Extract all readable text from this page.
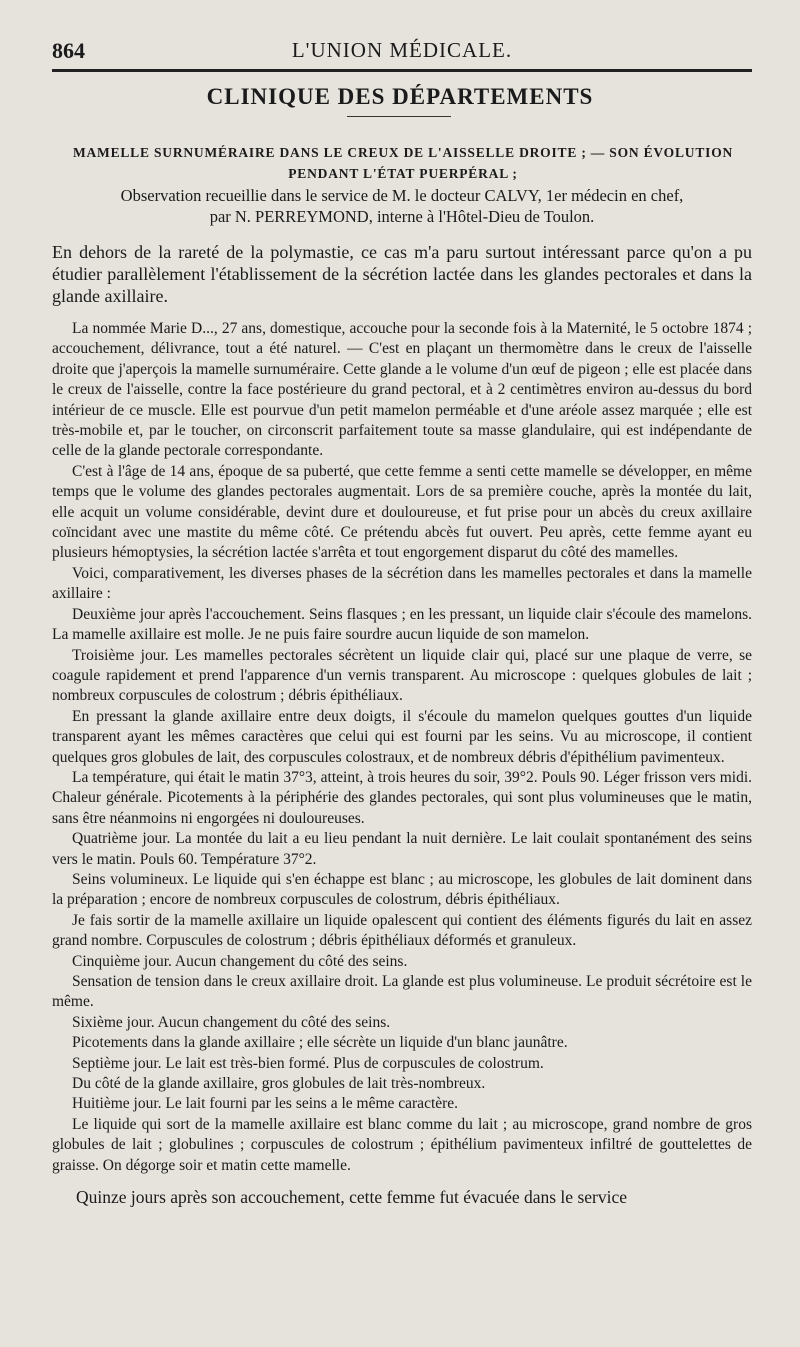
864	L'UNION MÉDICALE.
CLINIQUE DES DÉPARTEMENTS
MAMELLE SURNUMÉRAIRE DANS LE CREUX DE L'AISSELLE DROITE ; — SON ÉVOLUTION
PENDANT L'ÉTAT PUERPÉRAL ;
Observation recueillie dans le service de M. le docteur CALVY, 1er médecin en chef,
par N. PERREYMOND, interne à l'Hôtel-Dieu de Toulon.

En dehors de la rareté de la polymastie, ce cas m'a paru surtout intéressant parce qu'on a pu étudier parallèlement l'établissement de la sécrétion lactée dans les glandes pectorales et dans la glande axillaire.

La nommée Marie D..., 27 ans, domestique, accouche pour la seconde fois à la Maternité, le 5 octobre 1874 ; accouchement, délivrance, tout a été naturel. — C'est en plaçant un thermomètre dans le creux de l'aisselle droite que j'aperçois la mamelle surnuméraire. Cette glande a le volume d'un œuf de pigeon ; elle est placée dans le creux de l'aisselle, contre la face postérieure du grand pectoral, et à 2 centimètres environ au-dessus du bord intérieur de ce muscle. Elle est pourvue d'un petit mamelon perméable et d'une aréole assez marquée ; elle est très-mobile et, par le toucher, on circonscrit parfaitement toute sa masse glandulaire, qui est indépendante de celle de la glande pectorale correspondante.

C'est à l'âge de 14 ans, époque de sa puberté, que cette femme a senti cette mamelle se développer, en même temps que le volume des glandes pectorales augmentait. Lors de sa première couche, après la montée du lait, elle acquit un volume considérable, devint dure et douloureuse, et fut prise pour un abcès du creux axillaire coïncidant avec une mastite du même côté. Ce prétendu abcès fut ouvert. Peu après, cette femme ayant eu plusieurs hémoptysies, la sécrétion lactée s'arrêta et tout engorgement disparut du côté des mamelles.

Voici, comparativement, les diverses phases de la sécrétion dans les mamelles pectorales et dans la mamelle axillaire :

Deuxième jour après l'accouchement. Seins flasques ; en les pressant, un liquide clair s'écoule des mamelons. La mamelle axillaire est molle. Je ne puis faire sourdre aucun liquide de son mamelon.

Troisième jour. Les mamelles pectorales sécrètent un liquide clair qui, placé sur une plaque de verre, se coagule rapidement et prend l'apparence d'un vernis transparent. Au microscope : quelques globules de lait ; nombreux corpuscules de colostrum ; débris épithéliaux.

En pressant la glande axillaire entre deux doigts, il s'écoule du mamelon quelques gouttes d'un liquide transparent ayant les mêmes caractères que celui qui est fourni par les seins. Vu au microscope, il contient quelques gros globules de lait, des corpuscules colostraux, et de nombreux débris d'épithélium pavimenteux.

La température, qui était le matin 37°3, atteint, à trois heures du soir, 39°2. Pouls 90. Léger frisson vers midi. Chaleur générale. Picotements à la périphérie des glandes pectorales, qui sont plus volumineuses que le matin, sans être néanmoins ni engorgées ni douloureuses.

Quatrième jour. La montée du lait a eu lieu pendant la nuit dernière. Le lait coulait spontanément des seins vers le matin. Pouls 60. Température 37°2.

Seins volumineux. Le liquide qui s'en échappe est blanc ; au microscope, les globules de lait dominent dans la préparation ; encore de nombreux corpuscules de colostrum, débris épithéliaux.

Je fais sortir de la mamelle axillaire un liquide opalescent qui contient des éléments figurés du lait en assez grand nombre. Corpuscules de colostrum ; débris épithéliaux déformés et granuleux.

Cinquième jour. Aucun changement du côté des seins.

Sensation de tension dans le creux axillaire droit. La glande est plus volumineuse. Le produit sécrétoire est le même.

Sixième jour. Aucun changement du côté des seins.

Picotements dans la glande axillaire ; elle sécrète un liquide d'un blanc jaunâtre.

Septième jour. Le lait est très-bien formé. Plus de corpuscules de colostrum.

Du côté de la glande axillaire, gros globules de lait très-nombreux.

Huitième jour. Le lait fourni par les seins a le même caractère.

Le liquide qui sort de la mamelle axillaire est blanc comme du lait ; au microscope, grand nombre de gros globules de lait ; globulines ; corpuscules de colostrum ; épithélium pavimenteux infiltré de gouttelettes de graisse. On dégorge soir et matin cette mamelle.

Quinze jours après son accouchement, cette femme fut évacuée dans le service
